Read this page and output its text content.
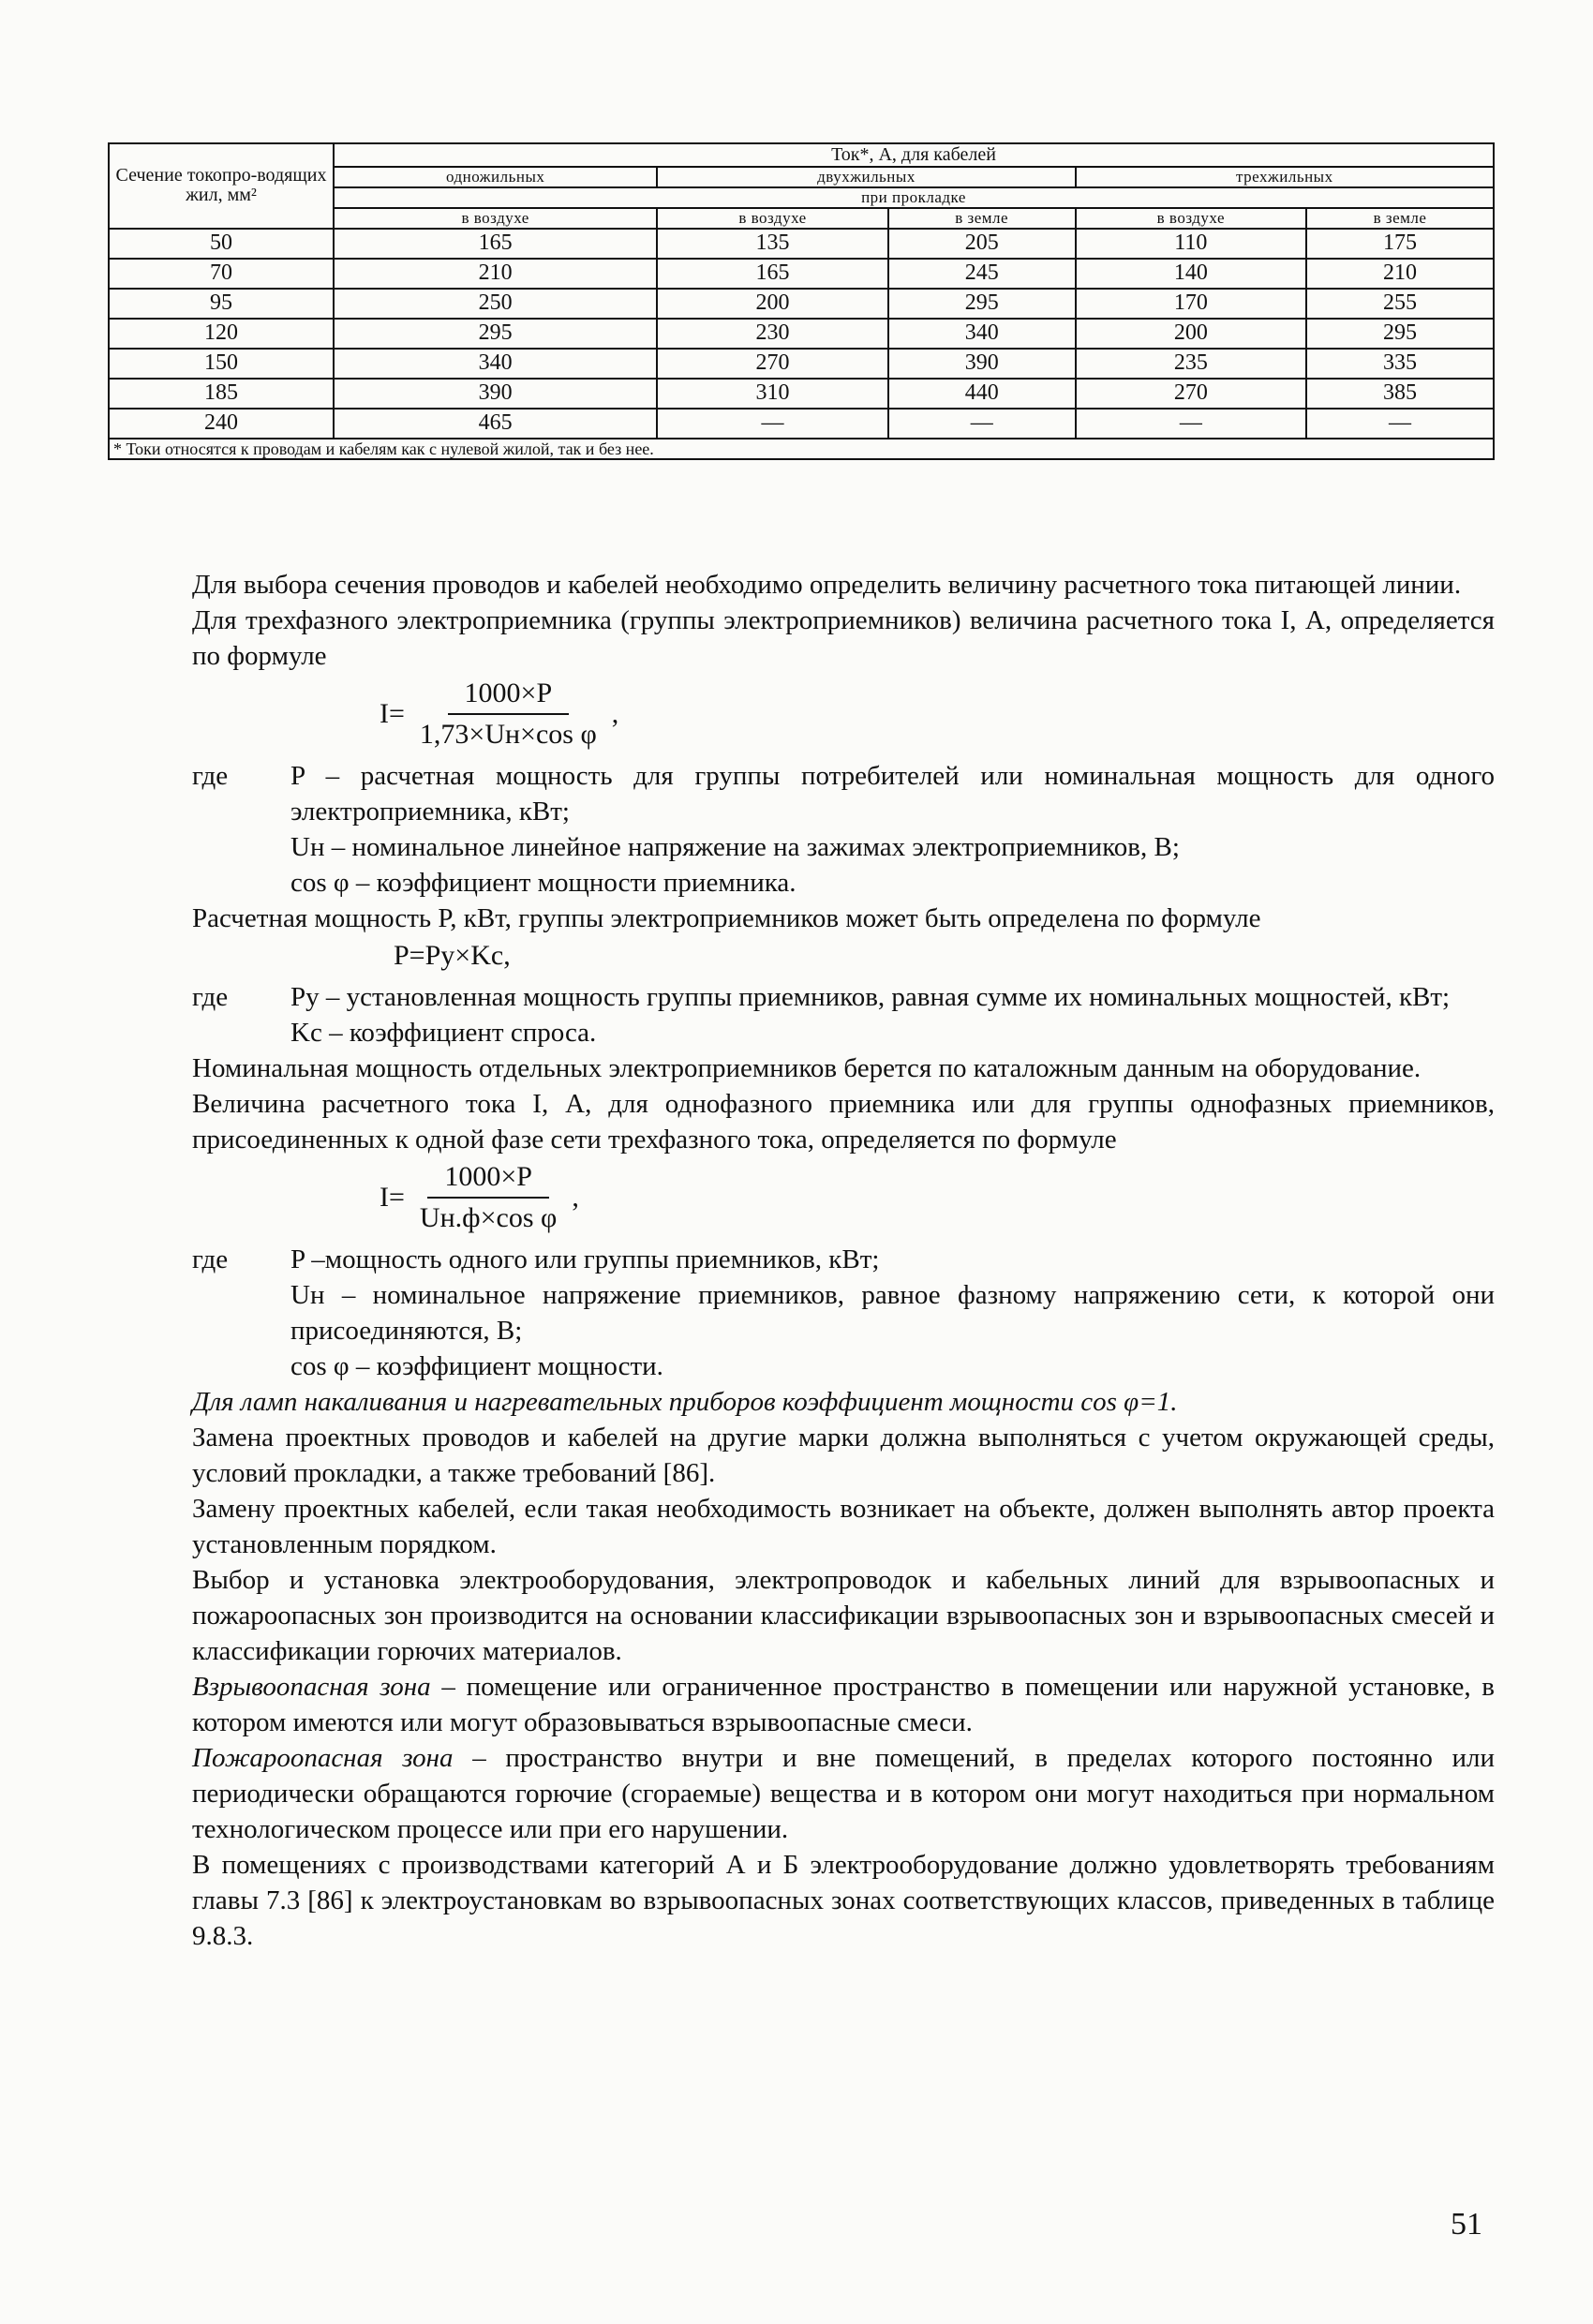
Сечение токопро-водящих жил, мм²	Ток*, А, для кабелей				
	одножильных	двухжильных		трехжильных	
	при прокладке				
	в воздухе	в воздухе	в земле	в воздухе	в земле
50	165	135	205	110	175
70	210	165	245	140	210
95	250	200	295	170	255
120	295	230	340	200	295
150	340	270	390	235	335
185	390	310	440	270	385
240	465	—	—	—	—
* Токи относятся к проводам и кабелям как с нулевой жилой, так и без нее.					

Для выбора сечения проводов и кабелей необходимо определить величину расчетного тока питающей линии.

Для трехфазного электроприемника (группы электроприемников) величина расчетного тока I, А, определяется по формуле

$I= \frac{1000\times P}{\text{1,73×Uн×cos φ}}$ ,
где	P – расчетная мощность для группы потребителей или номинальная мощность для одного электроприемника, кВт;
Uн – номинальное линейное напряжение на зажимах электроприемников, В;
cos φ – коэффициент мощности приемника.

Расчетная мощность P, кВт, группы электроприемников может быть определена по формуле

P=Pу×Kс,
где	Pу – установленная мощность группы приемников, равная сумме их номинальных мощностей, кВт;
Kс – коэффициент спроса.

Номинальная мощность отдельных электроприемников берется по каталожным данным на оборудование.

Величина расчетного тока I, А, для однофазного приемника или для группы однофазных приемников, присоединенных к одной фазе сети трехфазного тока, определяется по формуле

$I= \frac{1000\times P}{\text{Uн.ф×cos φ}}$ ,
где	P –мощность одного или группы приемников, кВт;
Uн – номинальное напряжение приемников, равное фазному напряжению сети, к которой они присоединяются, В;
cos φ – коэффициент мощности.

Для ламп накаливания и нагревательных приборов коэффициент мощности cos φ=1.

Замена проектных проводов и кабелей на другие марки должна выполняться с учетом окружающей среды, условий прокладки, а также требований [86].

Замену проектных кабелей, если такая необходимость возникает на объекте, должен выполнять автор проекта установленным порядком.

Выбор и установка электрооборудования, электропроводок и кабельных линий для взрывоопасных и пожароопасных зон производится на основании классификации взрывоопасных зон и взрывоопасных смесей и классификации горючих материалов.

Взрывоопасная зона – помещение или ограниченное пространство в помещении или наружной установке, в котором имеются или могут образовываться взрывоопасные смеси.

Пожароопасная зона – пространство внутри и вне помещений, в пределах которого постоянно или периодически обращаются горючие (сгораемые) вещества и в котором они могут находиться при нормальном технологическом процессе или при его нарушении.

В помещениях с производствами категорий А и Б электрооборудование должно удовлетворять требованиям главы 7.3 [86] к электроустановкам во взрывоопасных зонах соответствующих классов, приведенных в таблице 9.8.3.

51
